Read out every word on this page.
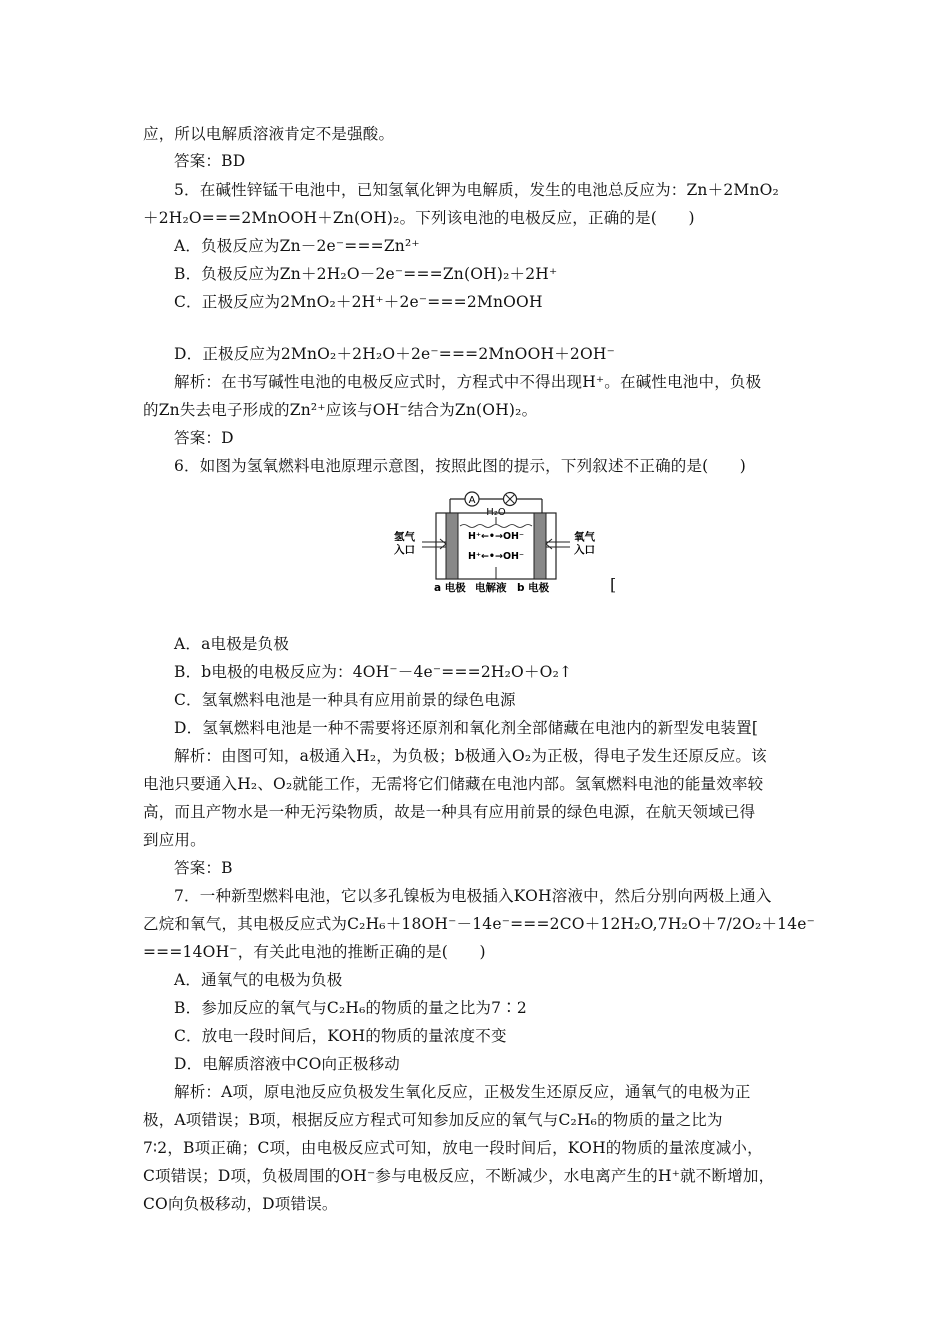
应，所以电解质溶液肯定不是强酸。
答案：BD
5．在碱性锌锰干电池中，已知氢氧化钾为电解质，发生的电池总反应为：Zn＋2MnO₂
＋2H₂O===2MnOOH＋Zn(OH)₂。下列该电池的电极反应，正确的是(　　)
A．负极反应为Zn－2e⁻===Zn²⁺
B．负极反应为Zn＋2H₂O－2e⁻===Zn(OH)₂＋2H⁺
C．正极反应为2MnO₂＋2H⁺＋2e⁻===2MnOOH
D．正极反应为2MnO₂＋2H₂O＋2e⁻===2MnOOH＋2OH⁻
解析：在书写碱性电池的电极反应式时，方程式中不得出现H⁺。在碱性电池中，负极
的Zn失去电子形成的Zn²⁺应该与OH⁻结合为Zn(OH)₂。
答案：D
6．如图为氢氧燃料电池原理示意图，按照此图的提示，下列叙述不正确的是(　　)
A
H₂O
氢气
入口
氧气
入口
H⁺←•→OH⁻
H⁺←•→OH⁻
a 电极 电解液 b 电极	[
A．a电极是负极
B．b电极的电极反应为：4OH⁻－4e⁻===2H₂O＋O₂↑
C．氢氧燃料电池是一种具有应用前景的绿色电源
D．氢氧燃料电池是一种不需要将还原剂和氧化剂全部储藏在电池内的新型发电装置[
解析：由图可知，a极通入H₂，为负极；b极通入O₂为正极，得电子发生还原反应。该
电池只要通入H₂、O₂就能工作，无需将它们储藏在电池内部。氢氧燃料电池的能量效率较
高，而且产物水是一种无污染物质，故是一种具有应用前景的绿色电源，在航天领域已得
到应用。
答案：B
7．一种新型燃料电池，它以多孔镍板为电极插入KOH溶液中，然后分别向两极上通入
乙烷和氧气，其电极反应式为C₂H₆＋18OH⁻－14e⁻===2CO＋12H₂O,7H₂O＋7/2O₂＋14e⁻
===14OH⁻，有关此电池的推断正确的是(　　)
A．通氧气的电极为负极
B．参加反应的氧气与C₂H₆的物质的量之比为7∶2
C．放电一段时间后，KOH的物质的量浓度不变
D．电解质溶液中CO向正极移动
解析：A项，原电池反应负极发生氧化反应，正极发生还原反应，通氧气的电极为正
极，A项错误；B项，根据反应方程式可知参加反应的氧气与C₂H₆的物质的量之比为
7∶2，B项正确；C项，由电极反应式可知，放电一段时间后，KOH的物质的量浓度减小，
C项错误；D项，负极周围的OH⁻参与电极反应，不断减少，水电离产生的H⁺就不断增加，
CO向负极移动，D项错误。
